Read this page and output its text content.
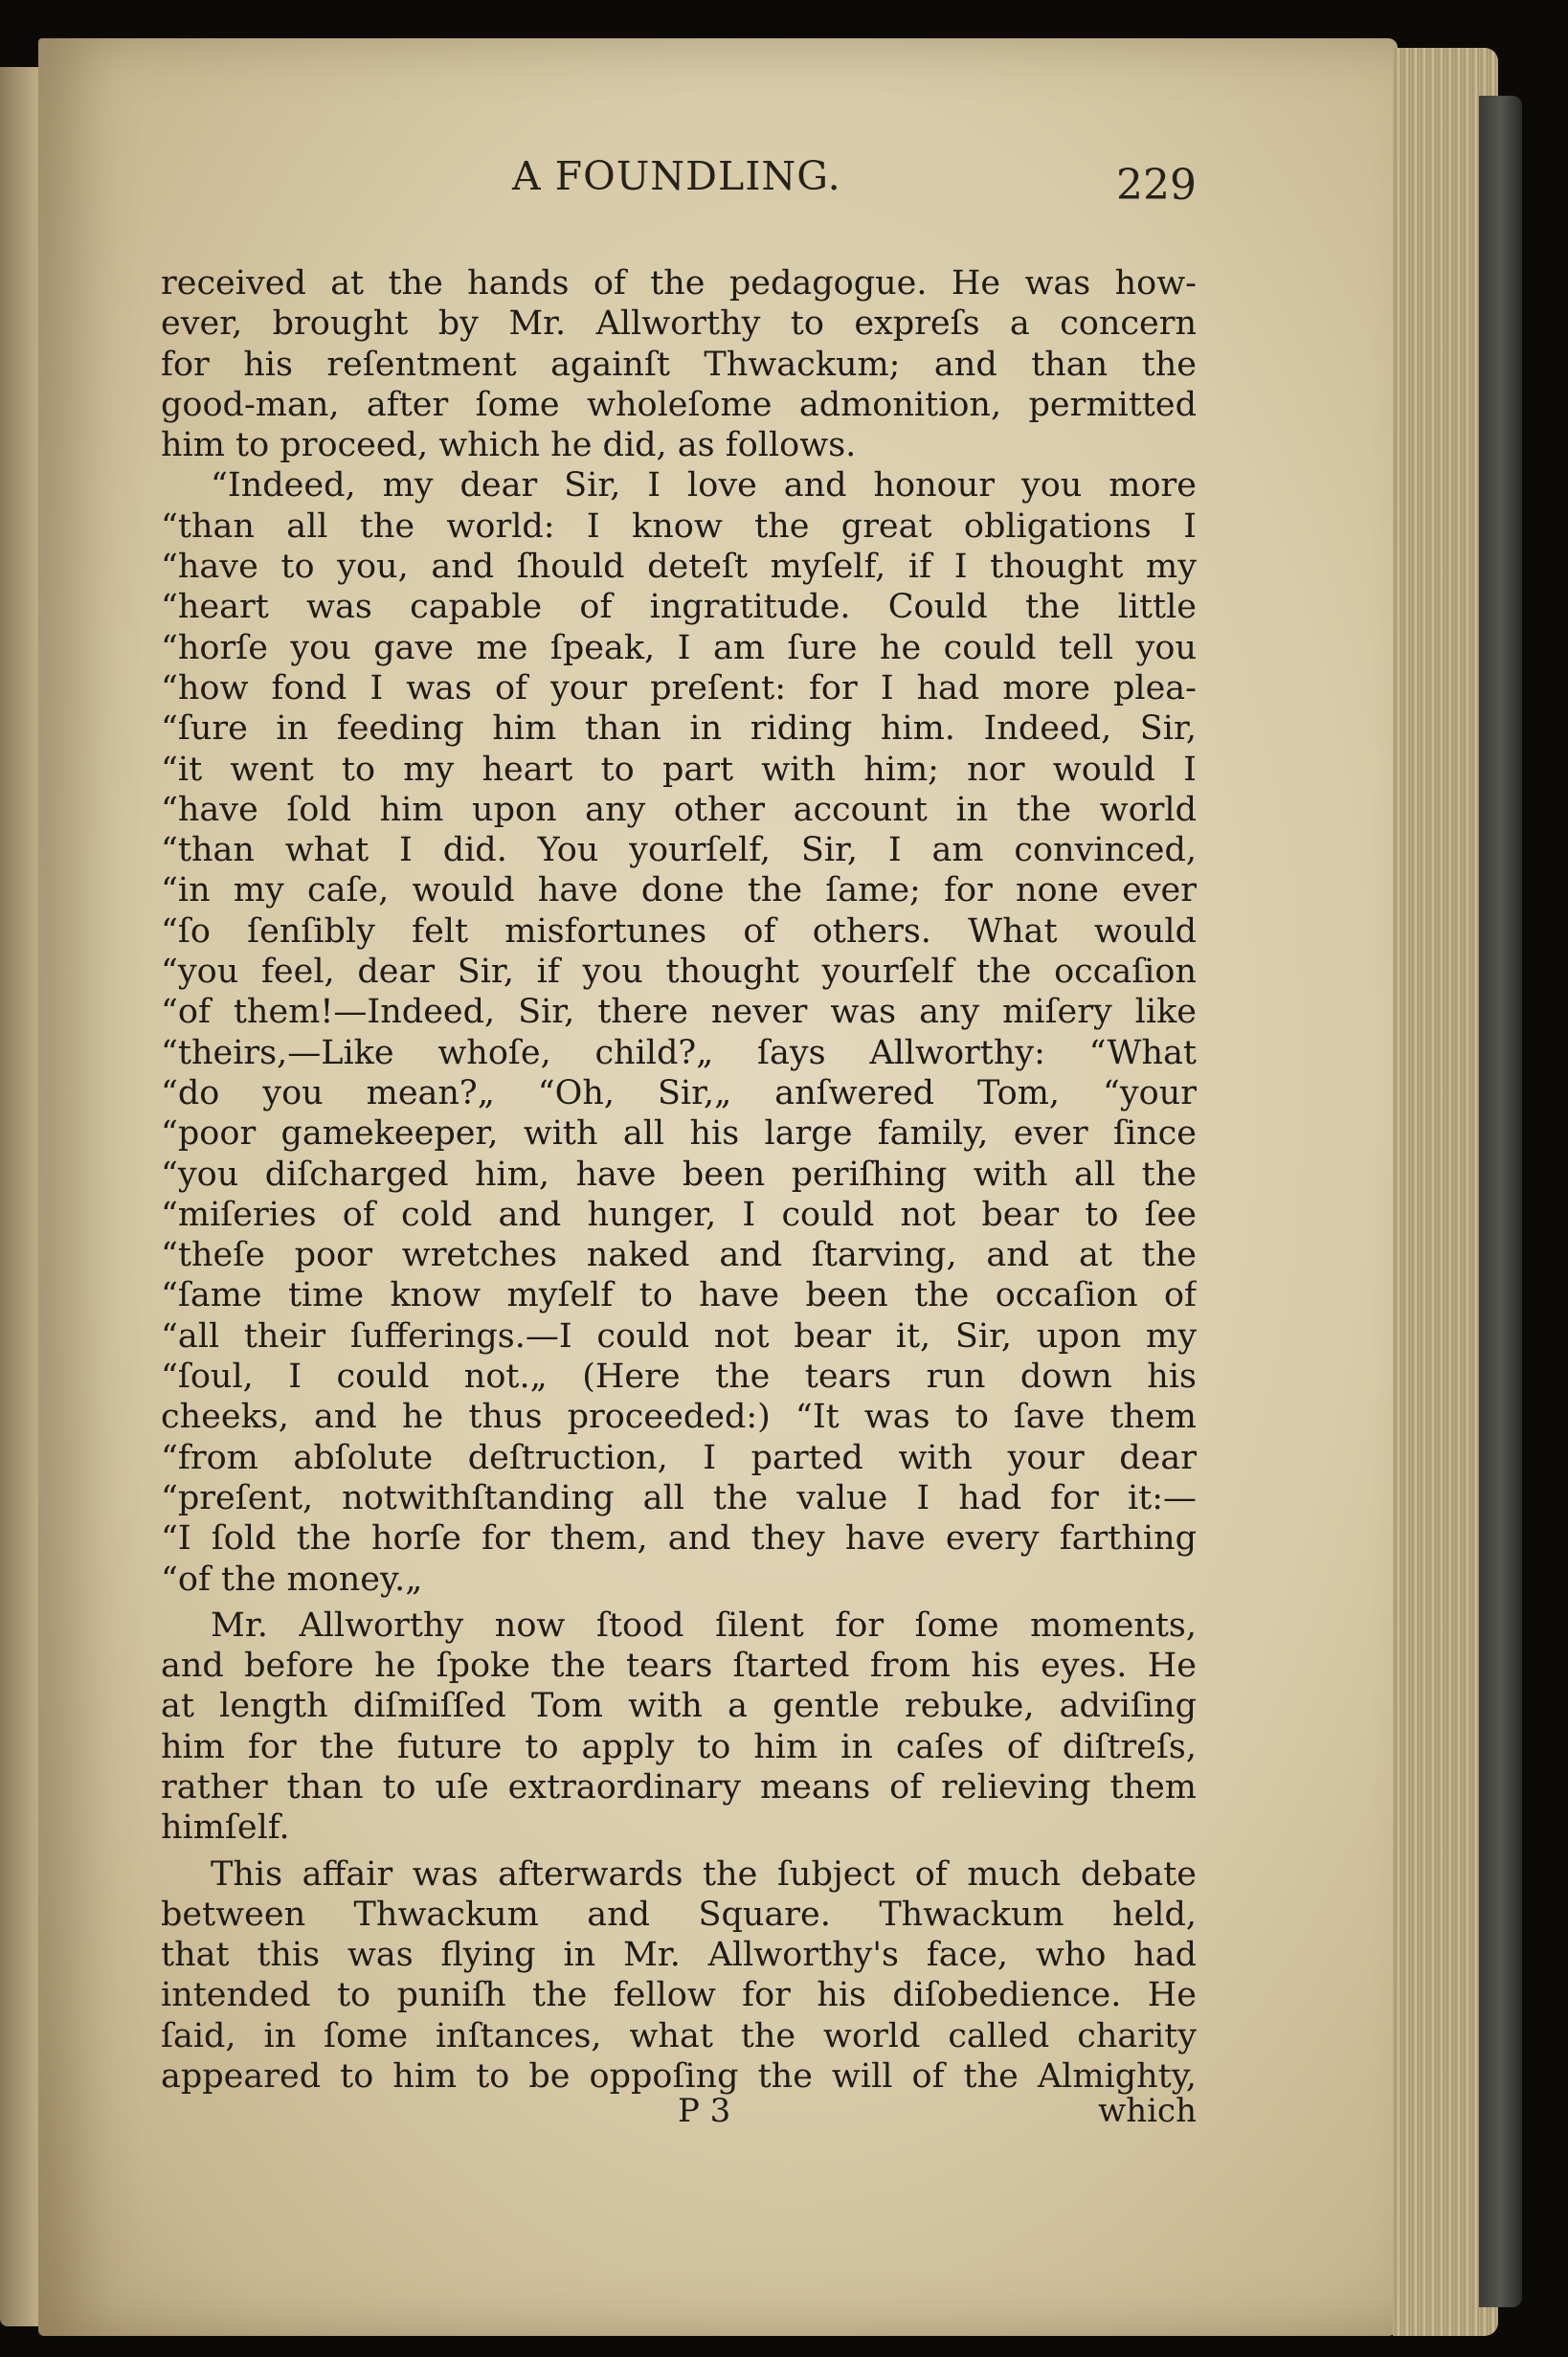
A FOUNDLING.	229
received at the hands of the pedagogue. He was how-
ever, brought by Mr. Allworthy to expreſs a concern
for his reſentment againſt Thwackum; and than the
good-man, after ſome wholeſome admonition, permitted
him to proceed, which he did, as follows.
“Indeed, my dear Sir, I love and honour you more
“than all the world: I know the great obligations I
“have to you, and ſhould deteſt myſelf, if I thought my
“heart was capable of ingratitude. Could the little
“horſe you gave me ſpeak, I am ſure he could tell you
“how fond I was of your preſent: for I had more plea-
“ſure in feeding him than in riding him. Indeed, Sir,
“it went to my heart to part with him; nor would I
“have ſold him upon any other account in the world
“than what I did. You yourſelf, Sir, I am convinced,
“in my caſe, would have done the ſame; for none ever
“ſo ſenſibly felt misfortunes of others. What would
“you feel, dear Sir, if you thought yourſelf the occaſion
“of them!—Indeed, Sir, there never was any miſery like
“theirs,—Like whoſe, child?„ ſays Allworthy: “What
“do you mean?„ “Oh, Sir,„ anſwered Tom, “your
“poor gamekeeper, with all his large family, ever ſince
“you diſcharged him, have been periſhing with all the
“miſeries of cold and hunger, I could not bear to ſee
“theſe poor wretches naked and ſtarving, and at the
“ſame time know myſelf to have been the occaſion of
“all their ſufferings.—I could not bear it, Sir, upon my
“ſoul, I could not.„ (Here the tears run down his
cheeks, and he thus proceeded:) “It was to ſave them
“from abſolute deſtruction, I parted with your dear
“preſent, notwithſtanding all the value I had for it:—
“I ſold the horſe for them, and they have every farthing
“of the money.„
Mr. Allworthy now ſtood ſilent for ſome moments,
and before he ſpoke the tears ſtarted from his eyes. He
at length diſmiſſed Tom with a gentle rebuke, adviſing
him for the future to apply to him in caſes of diſtreſs,
rather than to uſe extraordinary means of relieving them
himſelf.
This affair was afterwards the ſubject of much debate
between Thwackum and Square. Thwackum held,
that this was flying in Mr. Allworthy's face, who had
intended to puniſh the fellow for his diſobedience. He
ſaid, in ſome inſtances, what the world called charity
appeared to him to be oppoſing the will of the Almighty,
P 3	which
